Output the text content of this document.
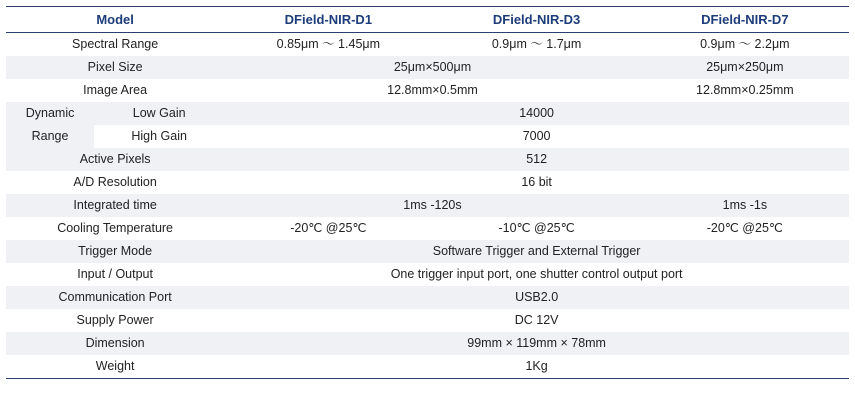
Model		DField-NIR-D1	DField-NIR-D3	DField-NIR-D7
Spectral Range		0.85μm ～ 1.45μm	0.9μm ～ 1.7μm	0.9μm ～ 2.2μm
Pixel Size		25μm×500μm		25μm×250μm
Image Area		12.8mm×0.5mm		12.8mm×0.25mm
Dynamic Range	Low Gain	14000		
	High Gain	7000		
Active Pixels		512		
A/D Resolution		16 bit		
Integrated time		1ms -120s		1ms -1s
Cooling Temperature		-20℃ @25℃	-10℃ @25℃	-20℃ @25℃
Trigger Mode		Software Trigger and External Trigger		
Input / Output		One trigger input port, one shutter control output port		
Communication Port		USB2.0		
Supply Power		DC 12V		
Dimension		99mm × 119mm × 78mm		
Weight		1Kg		
